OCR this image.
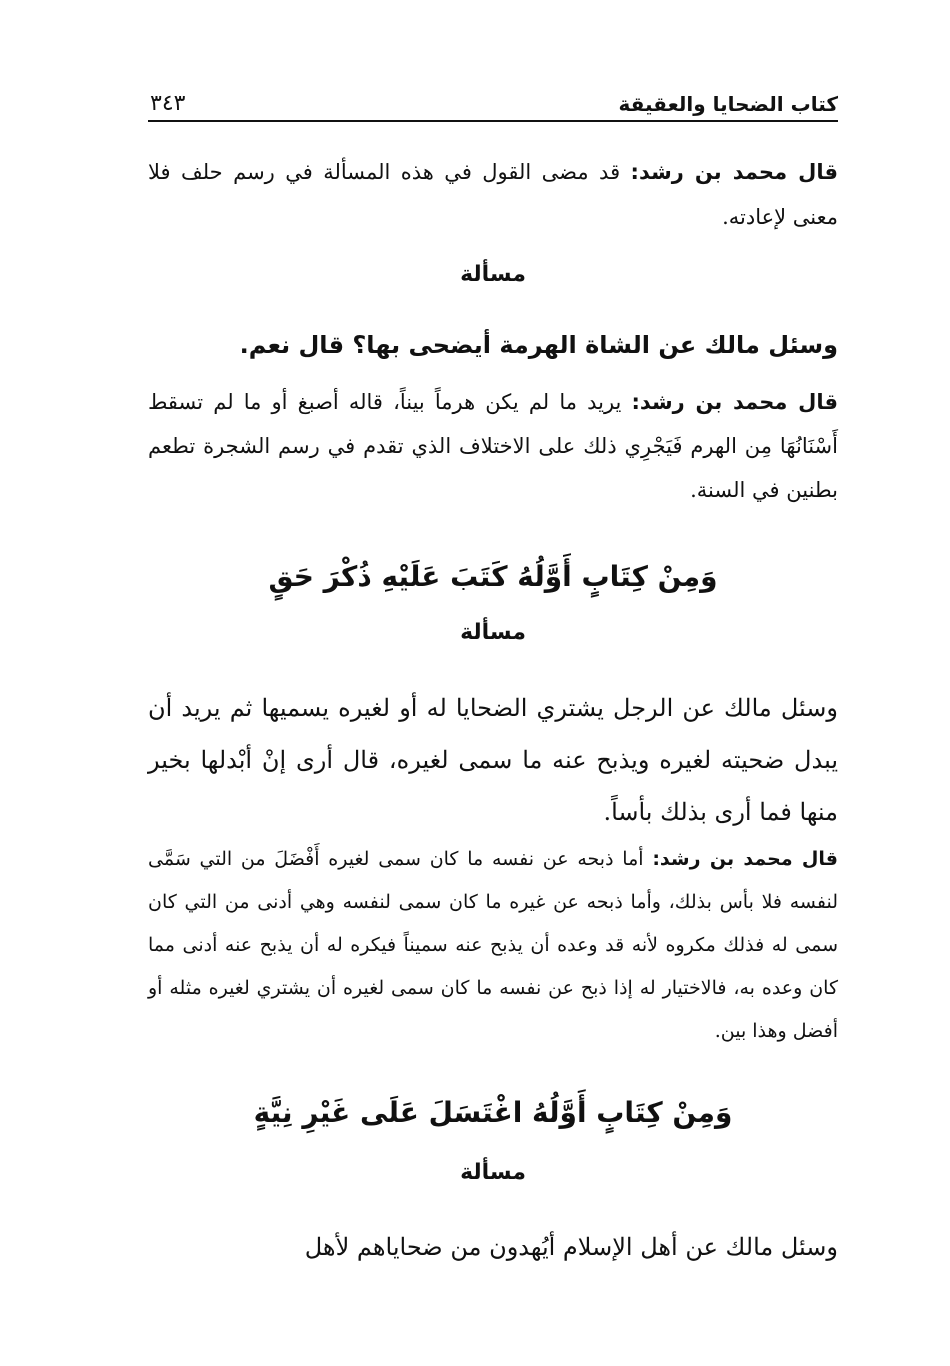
كتاب الضحايا والعقيقة
٣٤٣

قال محمد بن رشد: قد مضى القول في هذه المسألة في رسم حلف فلا معنى لإعادته.

مسألة

وسئل مالك عن الشاة الهرمة أيضحى بها؟ قال نعم.

قال محمد بن رشد: يريد ما لم يكن هرماً بيناً، قاله أصبغ أو ما لم تسقط أَسْنَانُهَا مِن الهرم فَيَجْرِي ذلك على الاختلاف الذي تقدم في رسم الشجرة تطعم بطنين في السنة.

وَمِنْ كِتَابٍ أَوَّلُهُ كَتَبَ عَلَيْهِ ذُكْرَ حَقٍ
مسألة

وسئل مالك عن الرجل يشتري الضحايا له أو لغيره يسميها ثم يريد أن يبدل ضحيته لغيره ويذبح عنه ما سمى لغيره، قال أرى إنْ أبْدلها بخير منها فما أرى بذلك بأساً.

قال محمد بن رشد: أما ذبحه عن نفسه ما كان سمى لغيره أَفْضَلَ من التي سَمَّى لنفسه فلا بأس بذلك، وأما ذبحه عن غيره ما كان سمى لنفسه وهي أدنى من التي كان سمى له فذلك مكروه لأنه قد وعده أن يذبح عنه سميناً فيكره له أن يذبح عنه أدنى مما كان وعده به، فالاختيار له إذا ذبح عن نفسه ما كان سمى لغيره أن يشتري لغيره مثله أو أفضل وهذا بين.

وَمِنْ كِتَابٍ أَوَّلُهُ اغْتَسَلَ عَلَى غَيْرِ نِيَّةٍ
مسألة

وسئل مالك عن أهل الإسلام أيُهدون من ضحاياهم لأهل
